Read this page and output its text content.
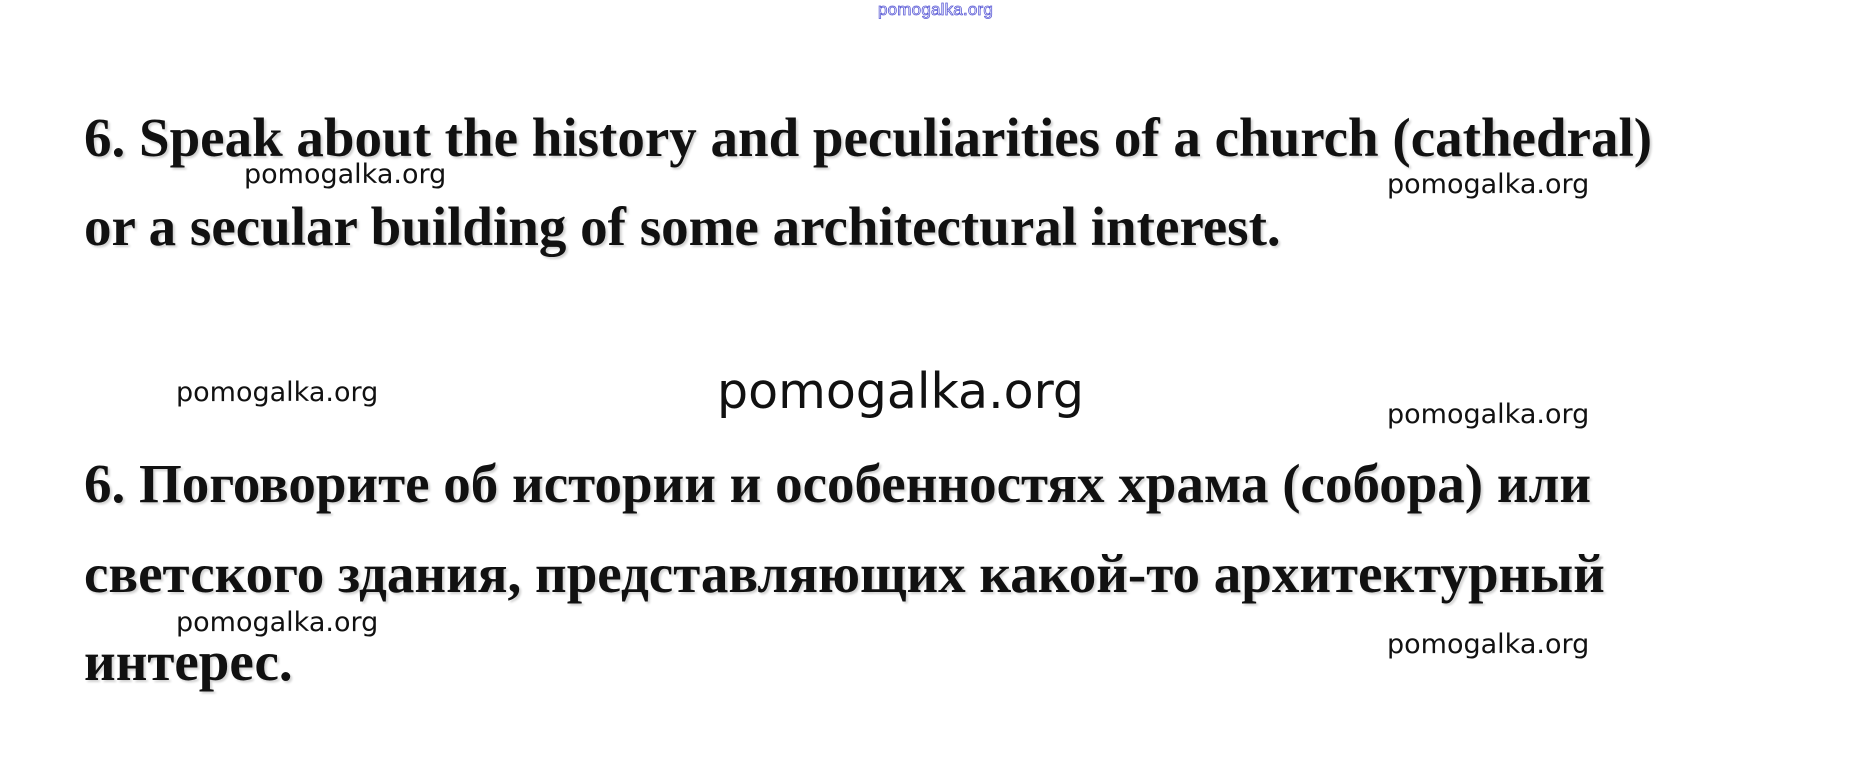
pomogalka.org
6. Speak about the history and peculiarities of a church (cathedral)
or a secular building of some architectural interest.
pomogalka.org	pomogalka.org
pomogalka.org	pomogalka.org	pomogalka.org
6. Поговорите об истории и особенностях храма (собора) или
светского здания, представляющих какой-то архитектурный
интерес.
pomogalka.org
pomogalka.org
